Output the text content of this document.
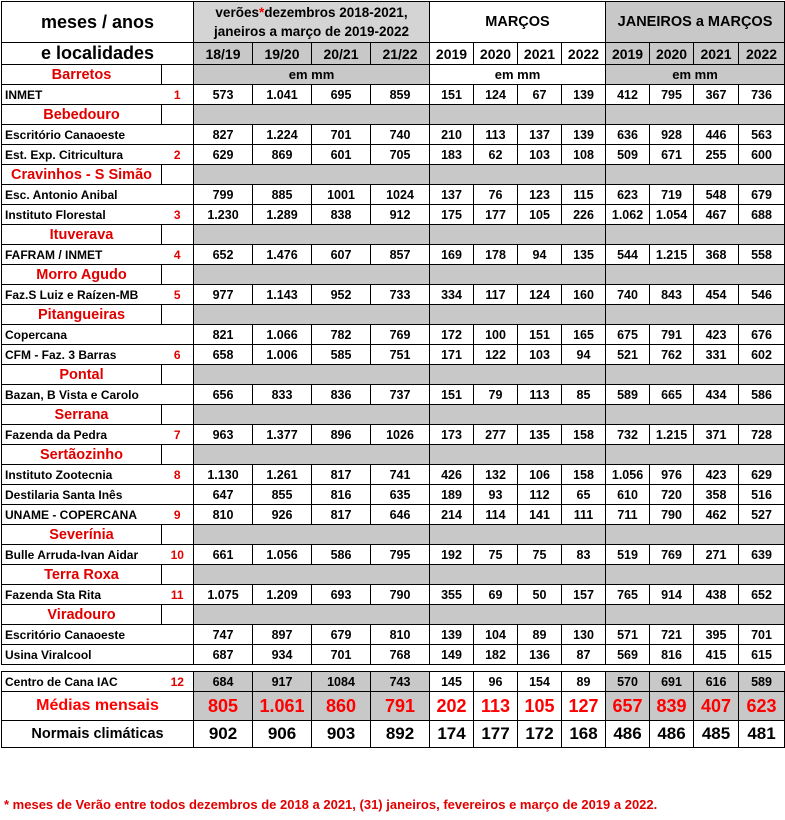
meses / anos		verões*dezembros 2018-2021,
janeiros a março de 2019-2022				MARÇOS				JANEIROS a MARÇOS			
e localidades		18/19	19/20	20/21	21/22	2019	2020	2021	2022	2019	2020	2021	2022
Barretos		em mm				em mm				em mm			
INMET	1	573	1.041	695	859	151	124	67	139	412	795	367	736
Bebedouro													
Escritório Canaoeste		827	1.224	701	740	210	113	137	139	636	928	446	563
Est. Exp. Citricultura	2	629	869	601	705	183	62	103	108	509	671	255	600
Cravinhos - S Simão													
Esc. Antonio Anibal		799	885	1001	1024	137	76	123	115	623	719	548	679
Instituto Florestal	3	1.230	1.289	838	912	175	177	105	226	1.062	1.054	467	688
Ituverava													
FAFRAM / INMET	4	652	1.476	607	857	169	178	94	135	544	1.215	368	558
Morro Agudo													
Faz.S Luiz e Raízen-MB	5	977	1.143	952	733	334	117	124	160	740	843	454	546
Pitangueiras													
Copercana		821	1.066	782	769	172	100	151	165	675	791	423	676
CFM - Faz. 3 Barras	6	658	1.006	585	751	171	122	103	94	521	762	331	602
Pontal													
Bazan, B Vista e Carolo		656	833	836	737	151	79	113	85	589	665	434	586
Serrana													
Fazenda da Pedra	7	963	1.377	896	1026	173	277	135	158	732	1.215	371	728
Sertãozinho													
Instituto Zootecnia	8	1.130	1.261	817	741	426	132	106	158	1.056	976	423	629
Destilaria Santa Inês		647	855	816	635	189	93	112	65	610	720	358	516
UNAME - COPERCANA	9	810	926	817	646	214	114	141	111	711	790	462	527
Severínia													
Bulle Arruda-Ivan Aidar	10	661	1.056	586	795	192	75	75	83	519	769	271	639
Terra Roxa													
Fazenda Sta Rita	11	1.075	1.209	693	790	355	69	50	157	765	914	438	652
Viradouro													
Escritório Canaoeste		747	897	679	810	139	104	89	130	571	721	395	701
Usina Viralcool		687	934	701	768	149	182	136	87	569	816	415	615

Centro de Cana IAC	12	684	917	1084	743	145	96	154	89	570	691	616	589
Médias mensais		805	1.061	860	791	202	113	105	127	657	839	407	623
Normais climáticas		902	906	903	892	174	177	172	168	486	486	485	481
* meses de Verão entre todos dezembros de 2018 a 2021, (31) janeiros, fevereiros e março de 2019 a 2022.
